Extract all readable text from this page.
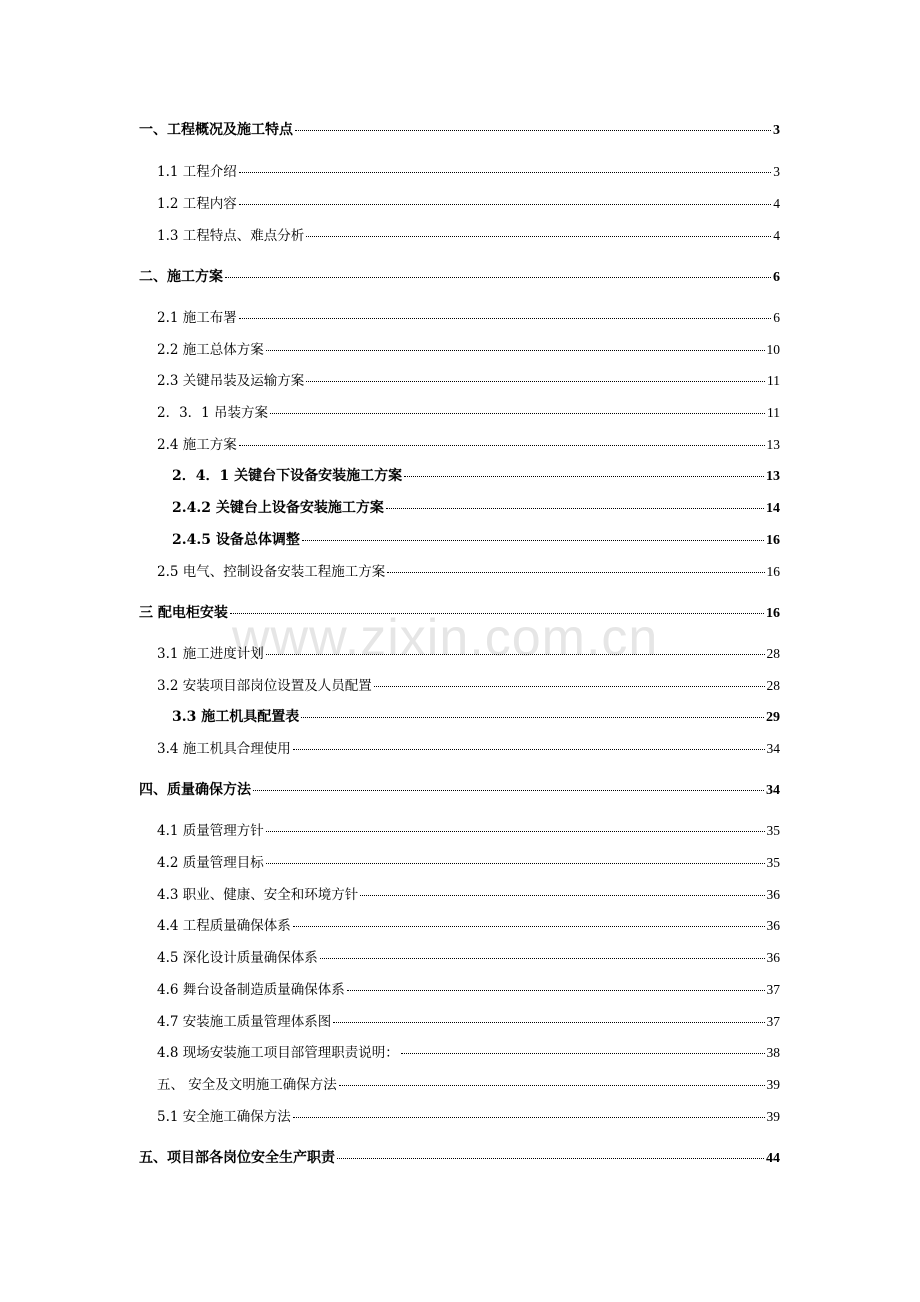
www.zixin.com.cn
一、工程概况及施工特点	3
1.1 工程介绍	3
1.2 工程内容	4
1.3 工程特点、难点分析	4
二、施工方案	6
2.1 施工布署	6
2.2 施工总体方案	10
2.3 关键吊装及运输方案	11
2．3．1 吊装方案	11
2.4 施工方案	13
2．4．1 关键台下设备安装施工方案	13
2.4.2 关键台上设备安装施工方案	14
2.4.5 设备总体调整	16
2.5 电气、控制设备安装工程施工方案	16
三 配电柜安装	16
3.1 施工进度计划	28
3.2 安装项目部岗位设置及人员配置	28
3.3 施工机具配置表	29
3.4 施工机具合理使用	34
四、质量确保方法	34
4.1 质量管理方针	35
4.2 质量管理目标	35
4.3 职业、健康、安全和环境方针	36
4.4 工程质量确保体系	36
4.5 深化设计质量确保体系	36
4.6 舞台设备制造质量确保体系	37
4.7 安装施工质量管理体系图	37
4.8 现场安装施工项目部管理职责说明：	38
五、 安全及文明施工确保方法	39
5.1 安全施工确保方法	39
五、项目部各岗位安全生产职责	44
